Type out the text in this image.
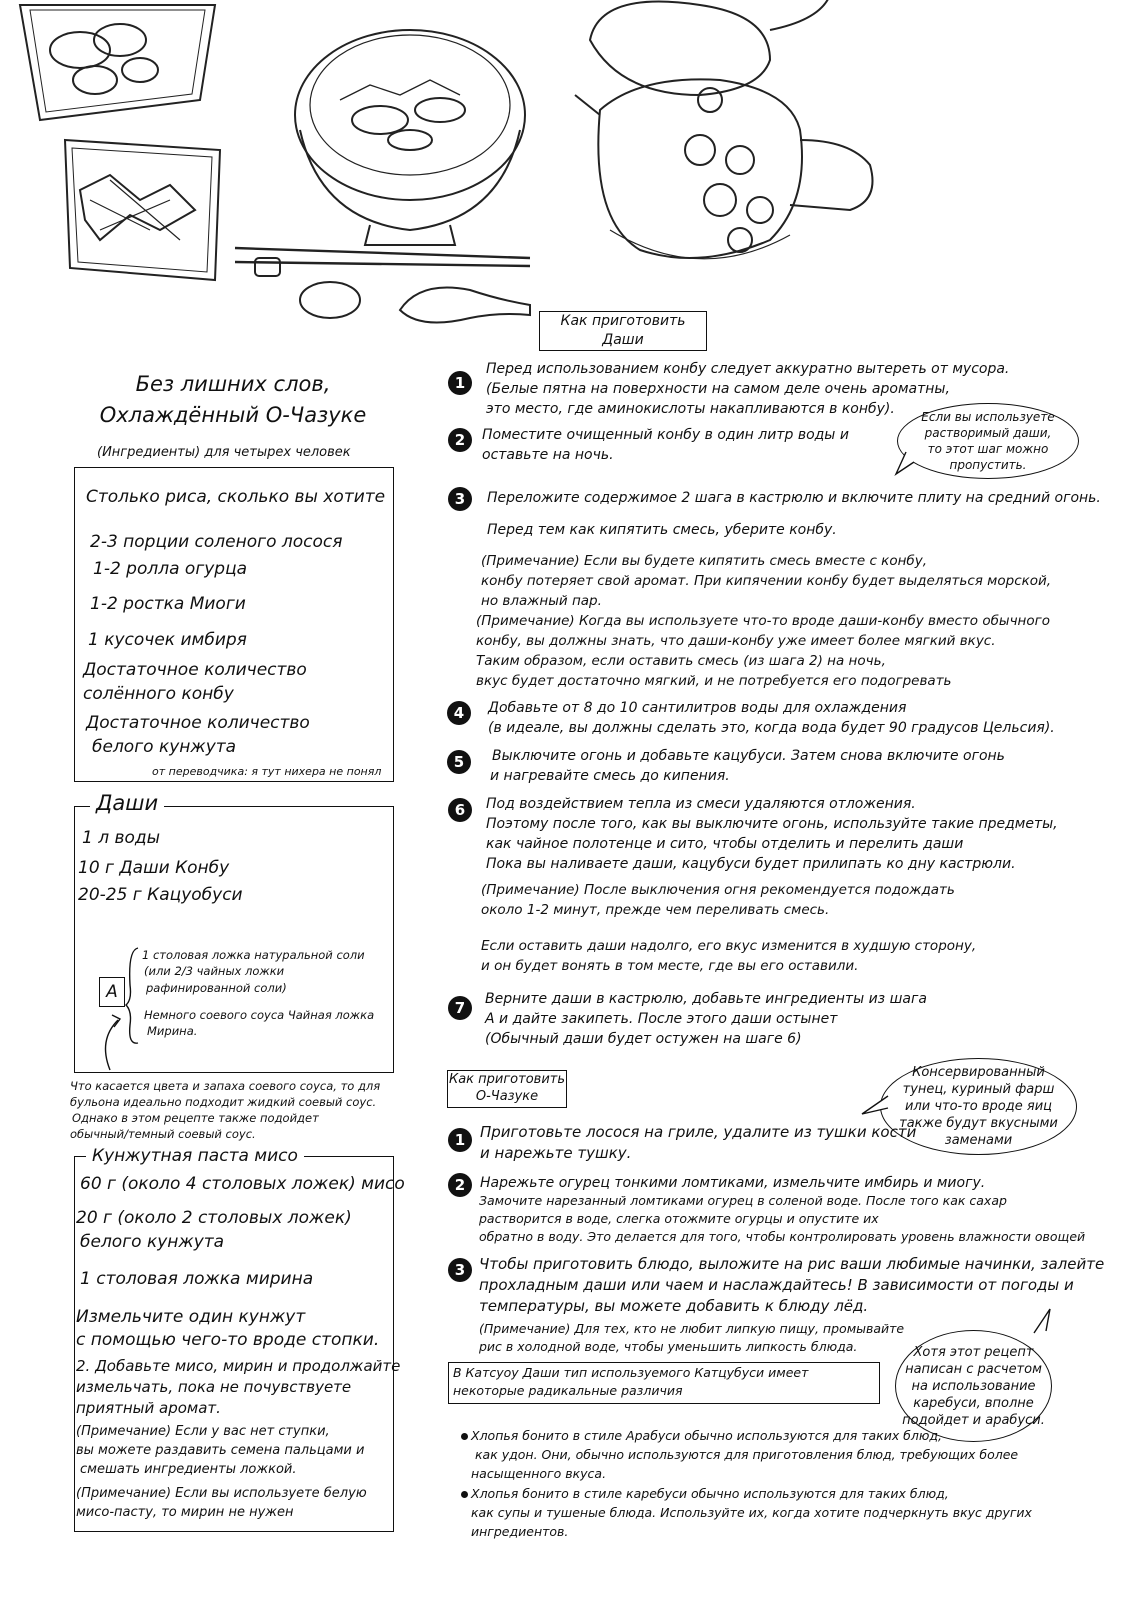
Без лишних слов,
Охлаждённый О-Чазуке
(Ингредиенты) для четырех человек
Столько риса, сколько вы хотите
2-3 порции соленого лосося
1-2 ролла огурца
1-2 ростка Миоги
1 кусочек имбиря
Достаточное количество
солённого конбу
Достаточное количество
белого кунжута
от переводчика: я тут нихера не понял
Даши
1 л воды
10 г Даши Конбу
20-25 г Кацуобуси
A
1 столовая ложка натуральной соли
(или 2/3 чайных ложки
рафинированной соли)
Немного соевого соуса Чайная ложка
Мирина.
Что касается цвета и запаха соевого соуса, то для
бульона идеально подходит жидкий соевый соус.
Однако в этом рецепте также подойдет
обычный/темный соевый соус.
Кунжутная паста мисо
60 г (около 4 столовых ложек) мисо
20 г (около 2 столовых ложек)
белого кунжута
1 столовая ложка мирина
Измельчите один кунжут
с помощью чего-то вроде стопки.
2. Добавьте мисо, мирин и продолжайте
измельчать, пока не почувствуете
приятный аромат.
(Примечание) Если у вас нет ступки,
вы можете раздавить семена пальцами и
смешать ингредиенты ложкой.
(Примечание) Если вы используете белую
мисо-пасту, то мирин не нужен
Как приготовить
Даши
1
Перед использованием конбу следует аккуратно вытереть от мусора.
(Белые пятна на поверхности на самом деле очень ароматны,
это место, где аминокислоты накапливаются в конбу).
2	Поместите очищенный конбу в один литр воды и
оставьте на ночь.
Если вы используете
растворимый даши,
то этот шаг можно
пропустить.
3	Переложите содержимое 2 шага в кастрюлю и включите плиту на средний огонь.
Перед тем как кипятить смесь, уберите конбу.
(Примечание) Если вы будете кипятить смесь вместе с конбу,
конбу потеряет свой аромат. При кипячении конбу будет выделяться морской,
но влажный пар.
(Примечание) Когда вы используете что-то вроде даши-конбу вместо обычного
конбу, вы должны знать, что даши-конбу уже имеет более мягкий вкус.
Таким образом, если оставить смесь (из шага 2) на ночь,
вкус будет достаточно мягкий, и не потребуется его подогревать
4	Добавьте от 8 до 10 сантилитров воды для охлаждения
(в идеале, вы должны сделать это, когда вода будет 90 градусов Цельсия).
5	Выключите огонь и добавьте кацубуси. Затем снова включите огонь
и нагревайте смесь до кипения.
6	Под воздействием тепла из смеси удаляются отложения.
Поэтому после того, как вы выключите огонь, используйте такие предметы,
как чайное полотенце и сито, чтобы отделить и перелить даши
Пока вы наливаете даши, кацубуси будет прилипать ко дну кастрюли.
(Примечание) После выключения огня рекомендуется подождать
около 1-2 минут, прежде чем переливать смесь.
Если оставить даши надолго, его вкус изменится в худшую сторону,
и он будет вонять в том месте, где вы его оставили.
7	Верните даши в кастрюлю, добавьте ингредиенты из шага
А и дайте закипеть. После этого даши остынет
(Обычный даши будет остужен на шаге 6)
Как приготовить
О-Чазуке
Консервированный
тунец, куриный фарш
или что-то вроде яиц
также будут вкусными
заменами
1 Приготовьте лосося на гриле, удалите из тушки кости
и нарежьте тушку.
2	Нарежьте огурец тонкими ломтиками, измельчите имбирь и миогу.
Замочите нарезанный ломтиками огурец в соленой воде. После того как сахар
растворится в воде, слегка отожмите огурцы и опустите их
обратно в воду. Это делается для того, чтобы контролировать уровень влажности овощей
3 Чтобы приготовить блюдо, выложите на рис ваши любимые начинки, залейте
прохладным даши или чаем и наслаждайтесь! В зависимости от погоды и
температуры, вы можете добавить к блюду лёд.
(Примечание) Для тех, кто не любит липкую пищу, промывайте
рис в холодной воде, чтобы уменьшить липкость блюда.	Хотя этот рецепт
написан с расчетом
на использование
каребуси, вполне
подойдет и арабуси.
В Катсуоу Даши тип используемого Катцубуси имеет
некоторые радикальные различия
Хлопья бонито в стиле Арабуси обычно используются для таких блюд,
как удон. Они, обычно используются для приготовления блюд, требующих более
насыщенного вкуса.
Хлопья бонито в стиле каребуси обычно используются для таких блюд,
как супы и тушеные блюда. Используйте их, когда хотите подчеркнуть вкус других
ингредиентов.
